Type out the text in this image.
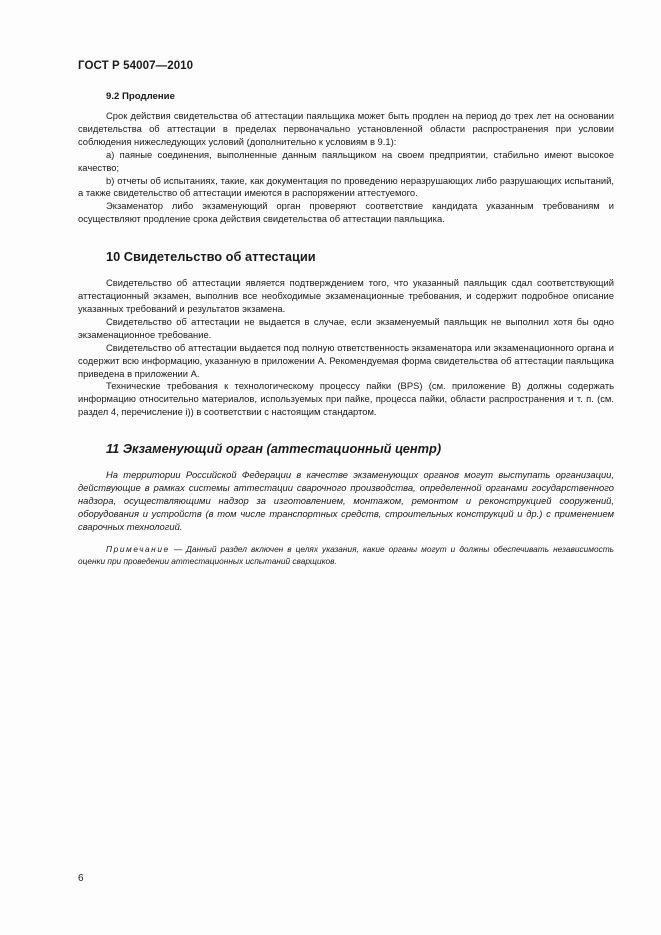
ГОСТ Р 54007—2010
9.2 Продление

Срок действия свидетельства об аттестации паяльщика может быть продлен на период до трех лет на основании свидетельства об аттестации в пределах первоначально установленной области распространения при условии соблюдения нижеследующих условий (дополнительно к условиям в 9.1):

a) паяные соединения, выполненные данным паяльщиком на своем предприятии, стабильно имеют высокое качество;

b) отчеты об испытаниях, такие, как документация по проведению неразрушающих либо разрушающих испытаний, а также свидетельство об аттестации имеются в распоряжении аттестуемого.

Экзаменатор либо экзаменующий орган проверяют соответствие кандидата указанным требованиям и осуществляют продление срока действия свидетельства об аттестации паяльщика.

10 Свидетельство об аттестации

Свидетельство об аттестации является подтверждением того, что указанный паяльщик сдал соответствующий аттестационный экзамен, выполнив все необходимые экзаменационные требования, и содержит подробное описание указанных требований и результатов экзамена.

Свидетельство об аттестации не выдается в случае, если экзаменуемый паяльщик не выполнил хотя бы одно экзаменационное требование.

Свидетельство об аттестации выдается под полную ответственность экзаменатора или экзаменационного органа и содержит всю информацию, указанную в приложении А. Рекомендуемая форма свидетельства об аттестации паяльщика приведена в приложении А.

Технические требования к технологическому процессу пайки (BPS) (см. приложение В) должны содержать информацию относительно материалов, используемых при пайке, процесса пайки, области распространения и т. п. (см. раздел 4, перечисление i)) в соответствии с настоящим стандартом.

11 Экзаменующий орган (аттестационный центр)

На территории Российской Федерации в качестве экзаменующих органов могут выступать организации, действующие в рамках системы аттестации сварочного производства, определенной органами государственного надзора, осуществляющими надзор за изготовлением, монтажом, ремонтом и реконструкцией сооружений, оборудования и устройств (в том числе транспортных средств, строительных конструкций и др.) с применением сварочных технологий.

Примечание — Данный раздел включен в целях указания, какие органы могут и должны обеспечивать независимость оценки при проведении аттестационных испытаний сварщиков.

6
